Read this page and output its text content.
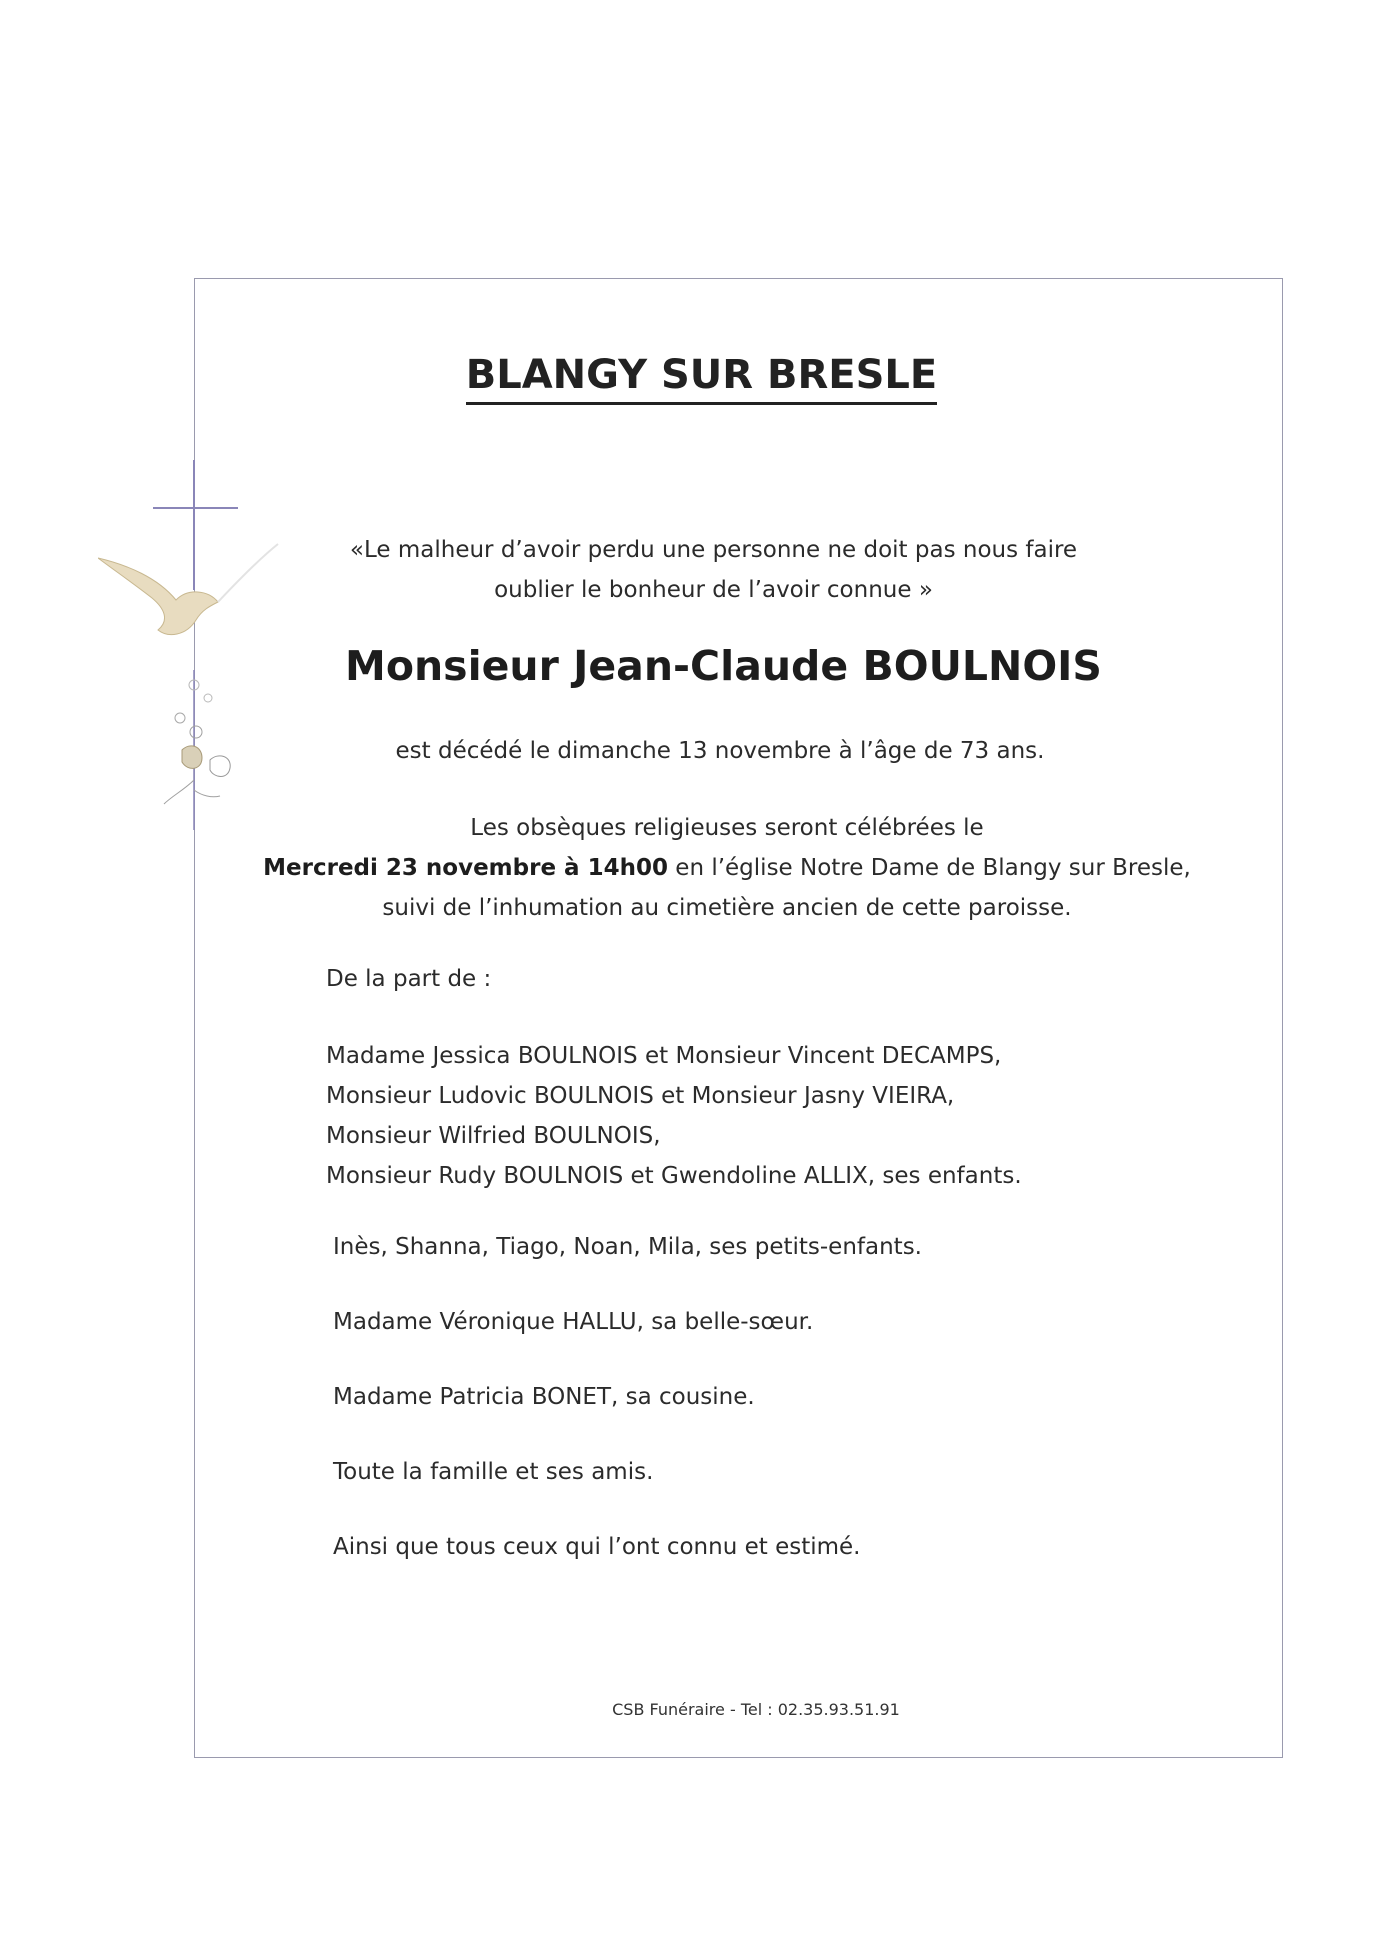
BLANGY SUR BRESLE
«Le malheur d’avoir perdu une personne ne doit pas nous faire
oublier le bonheur de l’avoir connue »
Monsieur Jean-Claude BOULNOIS
est décédé le dimanche 13 novembre à l’âge de 73 ans.
Les obsèques religieuses seront célébrées le
Mercredi 23 novembre à 14h00 en l’église Notre Dame de Blangy sur Bresle,
suivi de l’inhumation au cimetière ancien de cette paroisse.
De la part de :
Madame Jessica BOULNOIS et Monsieur Vincent DECAMPS,
Monsieur Ludovic BOULNOIS et Monsieur Jasny VIEIRA,
Monsieur Wilfried BOULNOIS,
Monsieur Rudy BOULNOIS et Gwendoline ALLIX, ses enfants.
Inès, Shanna, Tiago, Noan, Mila, ses petits-enfants.
Madame Véronique HALLU, sa belle-sœur.
Madame Patricia BONET, sa cousine.
Toute la famille et ses amis.
Ainsi que tous ceux qui l’ont connu et estimé.
CSB Funéraire - Tel : 02.35.93.51.91
